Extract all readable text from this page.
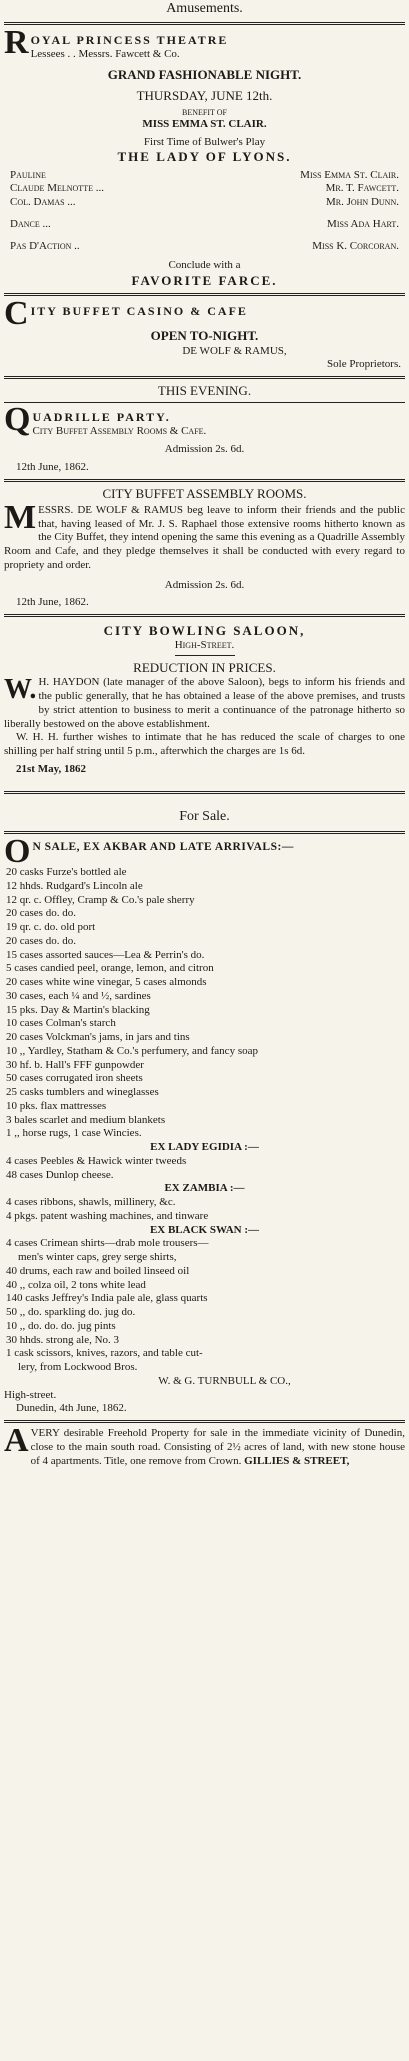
Amusements.
R OYAL PRINCESS THEATRE
Lessees . . Messrs. Fawcett & Co.
GRAND FASHIONABLE NIGHT.
THURSDAY, JUNE 12th.
BENEFIT OF
MISS EMMA ST. CLAIR.
First Time of Bulwer's Play
THE LADY OF LYONS.
Pauline	Miss Emma St. Clair.
Claude Melnotte ...	Mr. T. Fawcett.
Col. Damas ...	Mr. John Dunn.
Dance ...	Miss Ada Hart.
Pas D'Action ..	Miss K. Corcoran.
Conclude with a
FAVORITE FARCE.
C ITY BUFFET CASINO & CAFE
OPEN TO-NIGHT.
DE WOLF & RAMUS,
Sole Proprietors.
THIS EVENING.
Q UADRILLE PARTY.
City Buffet Assembly Rooms & Cafe.
Admission 2s. 6d.
12th June, 1862.
CITY BUFFET ASSEMBLY ROOMS.
MESSRS. DE WOLF & RAMUS beg leave to inform their friends and the public that, having leased of Mr. J. S. Raphael those extensive rooms hitherto known as the City Buffet, they intend opening the same this evening as a Quadrille Assembly Room and Cafe, and they pledge themselves it shall be conducted with every regard to propriety and order.
Admission 2s. 6d.
12th June, 1862.
CITY BOWLING SALOON,
High-Street.
REDUCTION IN PRICES.
W. H. HAYDON (late manager of the above Saloon), begs to inform his friends and the public generally, that he has obtained a lease of the above premises, and trusts by strict attention to business to merit a continuance of the patronage hitherto so liberally bestowed on the above establishment.
W. H. H. further wishes to intimate that he has reduced the scale of charges to one shilling per half string until 5 p.m., afterwhich the charges are 1s 6d.
21st May, 1862
For Sale.
O N SALE, EX AKBAR AND LATE ARRIVALS:—
20 casks Furze's bottled ale
12 hhds. Rudgard's Lincoln ale
12 qr. c. Offley, Cramp & Co.'s pale sherry
20 cases do. do.
19 qr. c. do. old port
20 cases do. do.
15 cases assorted sauces—Lea & Perrin's do.
5 cases candied peel, orange, lemon, and citron
20 cases white wine vinegar, 5 cases almonds
30 cases, each ¼ and ½, sardines
15 pks. Day & Martin's blacking
10 cases Colman's starch
20 cases Volckman's jams, in jars and tins
10 ,, Yardley, Statham & Co.'s perfumery, and fancy soap
30 hf. b. Hall's FFF gunpowder
50 cases corrugated iron sheets
25 casks tumblers and wineglasses
10 pks. flax mattresses
3 bales scarlet and medium blankets
1 ,, horse rugs, 1 case Wincies.
EX LADY EGIDIA :—
4 cases Peebles & Hawick winter tweeds
48 cases Dunlop cheese.
EX ZAMBIA :—
4 cases ribbons, shawls, millinery, &c.
4 pkgs. patent washing machines, and tinware
EX BLACK SWAN :—
4 cases Crimean shirts—drab mole trousers—
men's winter caps, grey serge shirts,
40 drums, each raw and boiled linseed oil
40 ,, colza oil, 2 tons white lead
140 casks Jeffrey's India pale ale, glass quarts
50 ,, do. sparkling do. jug do.
10 ,, do. do. do. jug pints
30 hhds. strong ale, No. 3
1 cask scissors, knives, razors, and table cut-
lery, from Lockwood Bros.
W. & G. TURNBULL & CO.,
High-street.
Dunedin, 4th June, 1862.
AVERY desirable Freehold Property for sale in the immediate vicinity of Dunedin, close to the main south road. Consisting of 2½ acres of land, with new stone house of 4 apartments. Title, one remove from Crown. GILLIES & STREET,
